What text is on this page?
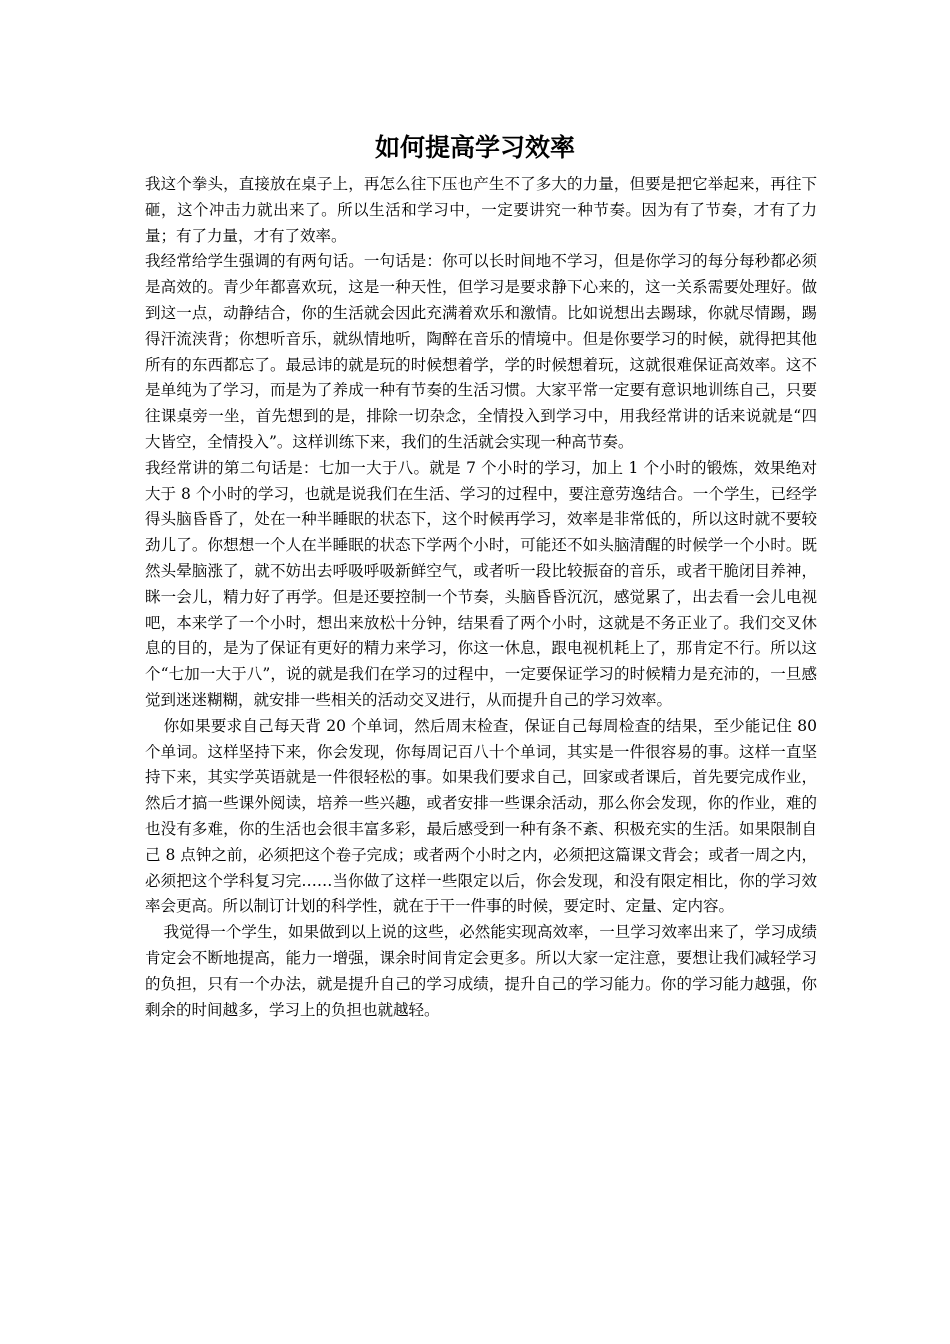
如何提高学习效率

我这个拳头，直接放在桌子上，再怎么往下压也产生不了多大的力量，但要是把它举起来，再往下砸，这个冲击力就出来了。所以生活和学习中，一定要讲究一种节奏。因为有了节奏，才有了力量；有了力量，才有了效率。

我经常给学生强调的有两句话。一句话是：你可以长时间地不学习，但是你学习的每分每秒都必须是高效的。青少年都喜欢玩，这是一种天性，但学习是要求静下心来的，这一关系需要处理好。做到这一点，动静结合，你的生活就会因此充满着欢乐和激情。比如说想出去踢球，你就尽情踢，踢得汗流浃背；你想听音乐，就纵情地听，陶醉在音乐的情境中。但是你要学习的时候，就得把其他所有的东西都忘了。最忌讳的就是玩的时候想着学，学的时候想着玩，这就很难保证高效率。这不是单纯为了学习，而是为了养成一种有节奏的生活习惯。大家平常一定要有意识地训练自己，只要往课桌旁一坐，首先想到的是，排除一切杂念，全情投入到学习中，用我经常讲的话来说就是“四大皆空，全情投入”。这样训练下来，我们的生活就会实现一种高节奏。

我经常讲的第二句话是：七加一大于八。就是 7 个小时的学习，加上 1 个小时的锻炼，效果绝对大于 8 个小时的学习，也就是说我们在生活、学习的过程中，要注意劳逸结合。一个学生，已经学得头脑昏昏了，处在一种半睡眠的状态下，这个时候再学习，效率是非常低的，所以这时就不要较劲儿了。你想想一个人在半睡眠的状态下学两个小时，可能还不如头脑清醒的时候学一个小时。既然头晕脑涨了，就不妨出去呼吸呼吸新鲜空气，或者听一段比较振奋的音乐，或者干脆闭目养神，眯一会儿，精力好了再学。但是还要控制一个节奏，头脑昏昏沉沉，感觉累了，出去看一会儿电视吧，本来学了一个小时，想出来放松十分钟，结果看了两个小时，这就是不务正业了。我们交叉休息的目的，是为了保证有更好的精力来学习，你这一休息，跟电视机耗上了，那肯定不行。所以这个“七加一大于八”，说的就是我们在学习的过程中，一定要保证学习的时候精力是充沛的，一旦感觉到迷迷糊糊，就安排一些相关的活动交叉进行，从而提升自己的学习效率。

你如果要求自己每天背 20 个单词，然后周末检查，保证自己每周检查的结果，至少能记住 80 个单词。这样坚持下来，你会发现，你每周记百八十个单词，其实是一件很容易的事。这样一直坚持下来，其实学英语就是一件很轻松的事。如果我们要求自己，回家或者课后，首先要完成作业，然后才搞一些课外阅读，培养一些兴趣，或者安排一些课余活动，那么你会发现，你的作业，难的也没有多难，你的生活也会很丰富多彩，最后感受到一种有条不紊、积极充实的生活。如果限制自己 8 点钟之前，必须把这个卷子完成；或者两个小时之内，必须把这篇课文背会；或者一周之内，必须把这个学科复习完……当你做了这样一些限定以后，你会发现，和没有限定相比，你的学习效率会更高。所以制订计划的科学性，就在于干一件事的时候，要定时、定量、定内容。

我觉得一个学生，如果做到以上说的这些，必然能实现高效率，一旦学习效率出来了，学习成绩肯定会不断地提高，能力一增强，课余时间肯定会更多。所以大家一定注意，要想让我们减轻学习的负担，只有一个办法，就是提升自己的学习成绩，提升自己的学习能力。你的学习能力越强，你剩余的时间越多，学习上的负担也就越轻。
